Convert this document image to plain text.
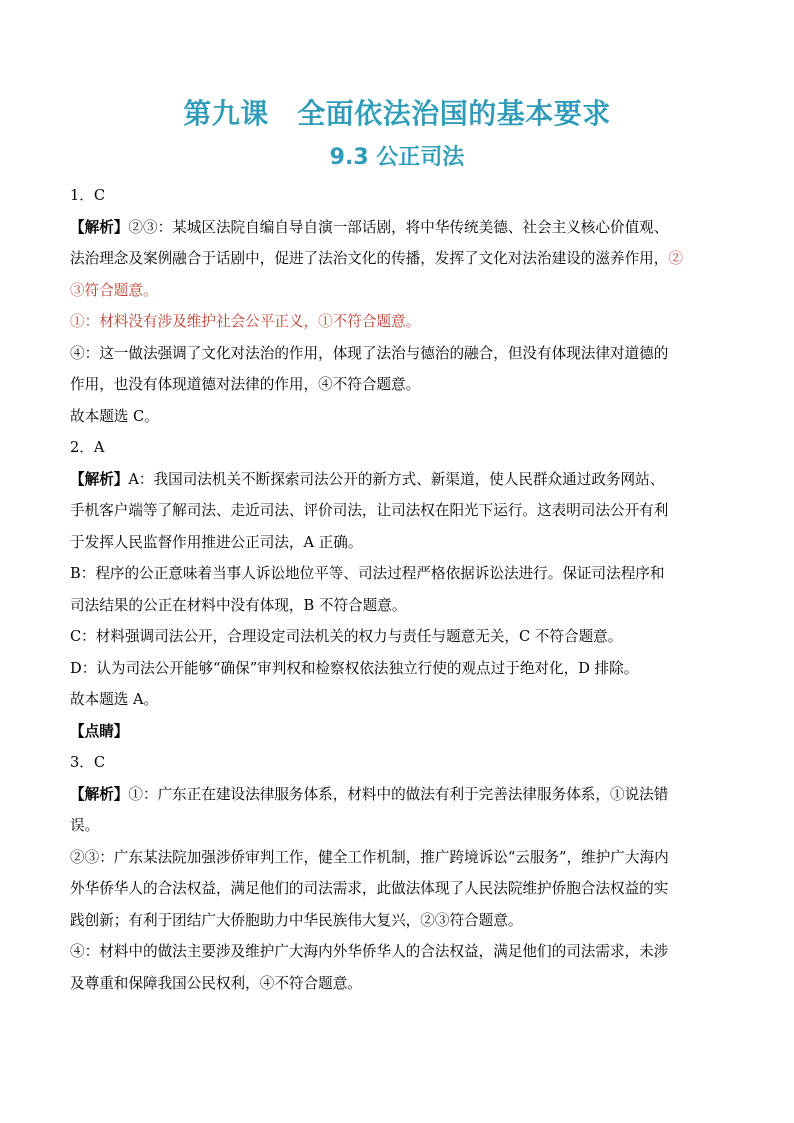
第九课　全面依法治国的基本要求
9.3 公正司法
1．C
【解析】②③：某城区法院自编自导自演一部话剧，将中华传统美德、社会主义核心价值观、
法治理念及案例融合于话剧中，促进了法治文化的传播，发挥了文化对法治建设的滋养作用，②
③符合题意。
①：材料没有涉及维护社会公平正义，①不符合题意。
④：这一做法强调了文化对法治的作用，体现了法治与德治的融合，但没有体现法律对道德的
作用，也没有体现道德对法律的作用，④不符合题意。
故本题选 C。
2．A
【解析】A：我国司法机关不断探索司法公开的新方式、新渠道，使人民群众通过政务网站、
手机客户端等了解司法、走近司法、评价司法，让司法权在阳光下运行。这表明司法公开有利
于发挥人民监督作用推进公正司法，A 正确。
B：程序的公正意味着当事人诉讼地位平等、司法过程严格依据诉讼法进行。保证司法程序和
司法结果的公正在材料中没有体现，B 不符合题意。
C：材料强调司法公开，合理设定司法机关的权力与责任与题意无关，C 不符合题意。
D：认为司法公开能够“确保”审判权和检察权依法独立行使的观点过于绝对化，D 排除。
故本题选 A。
【点睛】
3．C
【解析】①：广东正在建设法律服务体系，材料中的做法有利于完善法律服务体系，①说法错
误。
②③：广东某法院加强涉侨审判工作，健全工作机制，推广跨境诉讼“云服务”，维护广大海内
外华侨华人的合法权益，满足他们的司法需求，此做法体现了人民法院维护侨胞合法权益的实
践创新；有利于团结广大侨胞助力中华民族伟大复兴，②③符合题意。
④：材料中的做法主要涉及维护广大海内外华侨华人的合法权益，满足他们的司法需求，未涉
及尊重和保障我国公民权利，④不符合题意。
